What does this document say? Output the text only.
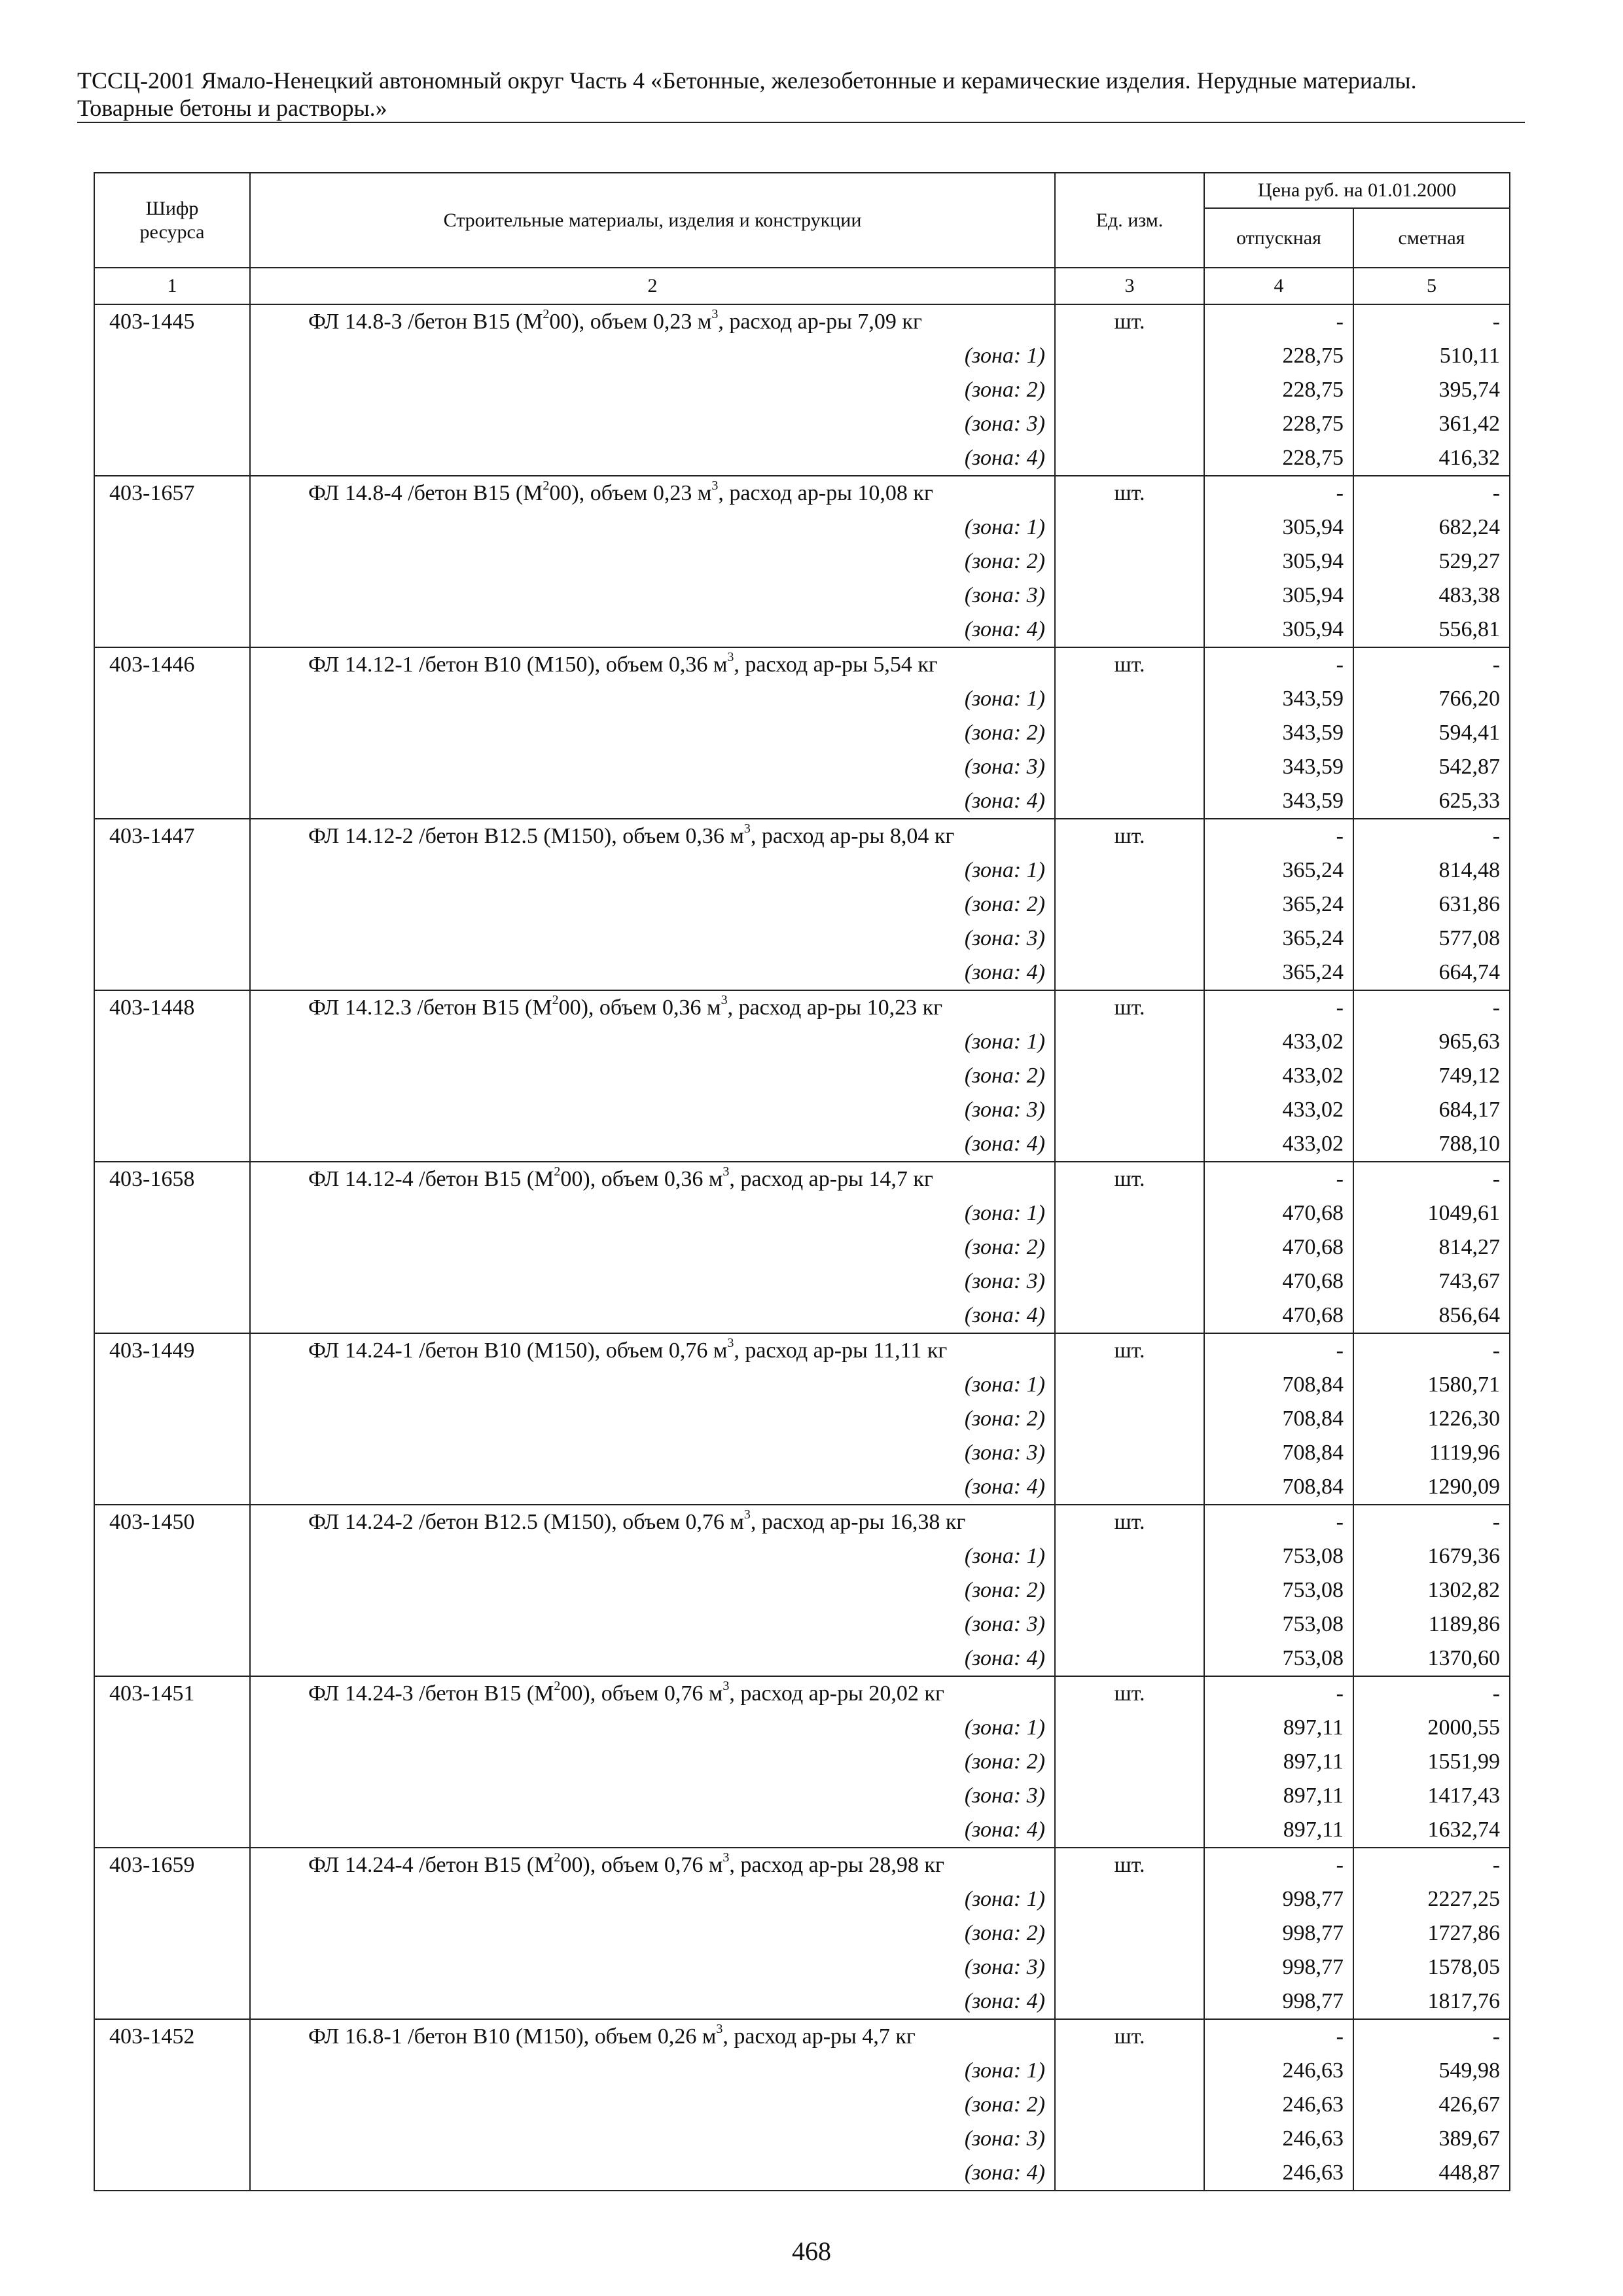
ТССЦ-2001 Ямало-Ненецкий автономный округ Часть 4 «Бетонные, железобетонные и керамические изделия. Нерудные материалы.
Товарные бетоны и растворы.»
Шифр ресурса	Строительные материалы, изделия и конструкции	Ед. изм.	Цена руб. на 01.01.2000	
			отпускная	сметная
1	2	3	4	5
403-1445	ФЛ 14.8-3 /бетон В15 $(М^200)$, объем 0,23 $м^3$, расход ар-ры 7,09 кг	шт.	-	-
	(зона: 1)		228,75	510,11
	(зона: 2)		228,75	395,74
	(зона: 3)		228,75	361,42
	(зона: 4)		228,75	416,32
403-1657	ФЛ 14.8-4 /бетон В15 $(М^200)$, объем 0,23 $м^3$, расход ар-ры 10,08 кг	шт.	-	-
	(зона: 1)		305,94	682,24
	(зона: 2)		305,94	529,27
	(зона: 3)		305,94	483,38
	(зона: 4)		305,94	556,81
403-1446	ФЛ 14.12-1 /бетон В10 (М150), объем 0,36 $м^3$, расход ар-ры 5,54 кг	шт.	-	-
	(зона: 1)		343,59	766,20
	(зона: 2)		343,59	594,41
	(зона: 3)		343,59	542,87
	(зона: 4)		343,59	625,33
403-1447	ФЛ 14.12-2 /бетон В12.5 (М150), объем 0,36 $м^3$, расход ар-ры 8,04 кг	шт.	-	-
	(зона: 1)		365,24	814,48
	(зона: 2)		365,24	631,86
	(зона: 3)		365,24	577,08
	(зона: 4)		365,24	664,74
403-1448	ФЛ 14.12.3 /бетон В15 $(М^200)$, объем 0,36 $м^3$, расход ар-ры 10,23 кг	шт.	-	-
	(зона: 1)		433,02	965,63
	(зона: 2)		433,02	749,12
	(зона: 3)		433,02	684,17
	(зона: 4)		433,02	788,10
403-1658	ФЛ 14.12-4 /бетон В15 $(М^200)$, объем 0,36 $м^3$, расход ар-ры 14,7 кг	шт.	-	-
	(зона: 1)		470,68	1049,61
	(зона: 2)		470,68	814,27
	(зона: 3)		470,68	743,67
	(зона: 4)		470,68	856,64
403-1449	ФЛ 14.24-1 /бетон В10 (М150), объем 0,76 $м^3$, расход ар-ры 11,11 кг	шт.	-	-
	(зона: 1)		708,84	1580,71
	(зона: 2)		708,84	1226,30
	(зона: 3)		708,84	1119,96
	(зона: 4)		708,84	1290,09
403-1450	ФЛ 14.24-2 /бетон В12.5 (М150), объем 0,76 $м^3$, расход ар-ры 16,38 кг	шт.	-	-
	(зона: 1)		753,08	1679,36
	(зона: 2)		753,08	1302,82
	(зона: 3)		753,08	1189,86
	(зона: 4)		753,08	1370,60
403-1451	ФЛ 14.24-3 /бетон В15 $(М^200)$, объем 0,76 $м^3$, расход ар-ры 20,02 кг	шт.	-	-
	(зона: 1)		897,11	2000,55
	(зона: 2)		897,11	1551,99
	(зона: 3)		897,11	1417,43
	(зона: 4)		897,11	1632,74
403-1659	ФЛ 14.24-4 /бетон В15 $(М^200)$, объем 0,76 $м^3$, расход ар-ры 28,98 кг	шт.	-	-
	(зона: 1)		998,77	2227,25
	(зона: 2)		998,77	1727,86
	(зона: 3)		998,77	1578,05
	(зона: 4)		998,77	1817,76
403-1452	ФЛ 16.8-1 /бетон В10 (М150), объем 0,26 $м^3$, расход ар-ры 4,7 кг	шт.	-	-
	(зона: 1)		246,63	549,98
	(зона: 2)		246,63	426,67
	(зона: 3)		246,63	389,67
	(зона: 4)		246,63	448,87
468
